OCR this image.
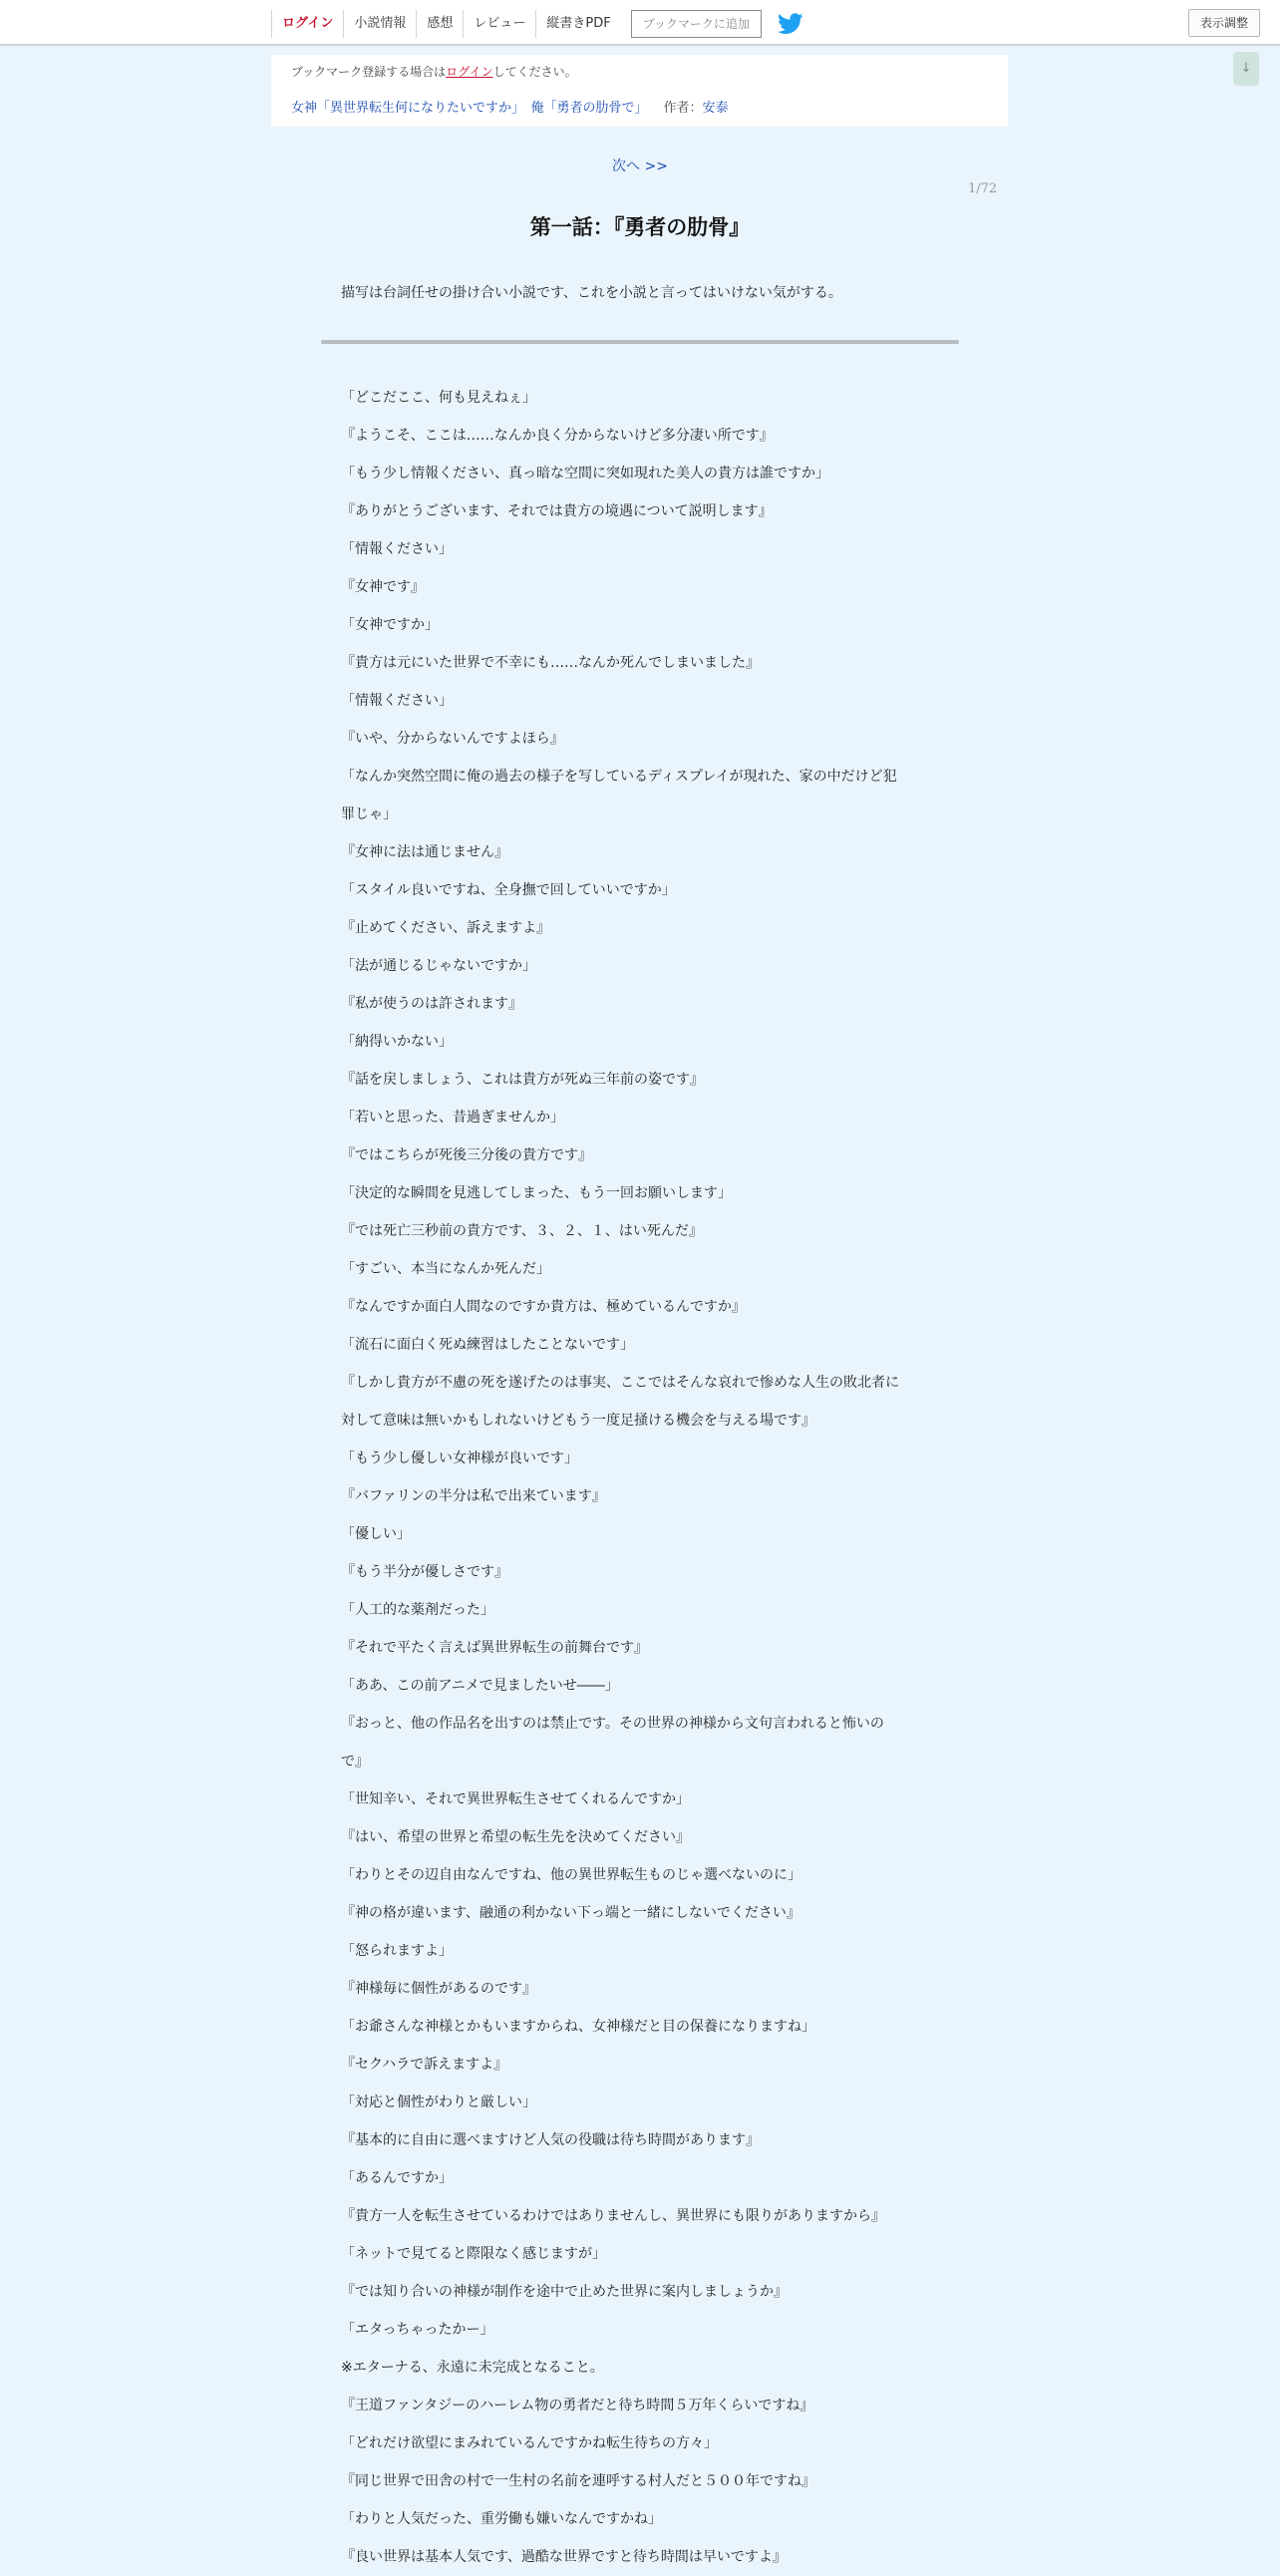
ログイン	小説情報	感想	レビュー	縦書きPDF	ブックマークに追加	表示調整
↓
ブックマーク登録する場合はログインしてください。
女神「異世界転生何になりたいですか」　俺「勇者の肋骨で」 作者：安泰
次へ >>
1/72
第一話：『勇者の肋骨』
描写は台詞任せの掛け合い小説です、これを小説と言ってはいけない気がする。
「どこだここ、何も見えねぇ」
『ようこそ、ここは……なんか良く分からないけど多分凄い所です』
「もう少し情報ください、真っ暗な空間に突如現れた美人の貴方は誰ですか」
『ありがとうございます、それでは貴方の境遇について説明します』
「情報ください」
『女神です』
「女神ですか」
『貴方は元にいた世界で不幸にも……なんか死んでしまいました』
「情報ください」
『いや、分からないんですよほら』
「なんか突然空間に俺の過去の様子を写しているディスプレイが現れた、家の中だけど犯
罪じゃ」
『女神に法は通じません』
「スタイル良いですね、全身撫で回していいですか」
『止めてください、訴えますよ』
「法が通じるじゃないですか」
『私が使うのは許されます』
「納得いかない」
『話を戻しましょう、これは貴方が死ぬ三年前の姿です』
「若いと思った、昔過ぎませんか」
『ではこちらが死後三分後の貴方です』
「決定的な瞬間を見逃してしまった、もう一回お願いします」
『では死亡三秒前の貴方です、３、２、１、はい死んだ』
「すごい、本当になんか死んだ」
『なんですか面白人間なのですか貴方は、極めているんですか』
「流石に面白く死ぬ練習はしたことないです」
『しかし貴方が不慮の死を遂げたのは事実、ここではそんな哀れで惨めな人生の敗北者に
対して意味は無いかもしれないけどもう一度足掻ける機会を与える場です』
「もう少し優しい女神様が良いです」
『バファリンの半分は私で出来ています』
「優しい」
『もう半分が優しさです』
「人工的な薬剤だった」
『それで平たく言えば異世界転生の前舞台です』
「ああ、この前アニメで見ましたいせ――」
『おっと、他の作品名を出すのは禁止です。その世界の神様から文句言われると怖いの
で』
「世知辛い、それで異世界転生させてくれるんですか」
『はい、希望の世界と希望の転生先を決めてください』
「わりとその辺自由なんですね、他の異世界転生ものじゃ選べないのに」
『神の格が違います、融通の利かない下っ端と一緒にしないでください』
「怒られますよ」
『神様毎に個性があるのです』
「お爺さんな神様とかもいますからね、女神様だと目の保養になりますね」
『セクハラで訴えますよ』
「対応と個性がわりと厳しい」
『基本的に自由に選べますけど人気の役職は待ち時間があります』
「あるんですか」
『貴方一人を転生させているわけではありませんし、異世界にも限りがありますから』
「ネットで見てると際限なく感じますが」
『では知り合いの神様が制作を途中で止めた世界に案内しましょうか』
「エタっちゃったかー」
※エターナる、永遠に未完成となること。
『王道ファンタジーのハーレム物の勇者だと待ち時間５万年くらいですね』
「どれだけ欲望にまみれているんですかね転生待ちの方々」
『同じ世界で田舎の村で一生村の名前を連呼する村人だと５００年ですね』
「わりと人気だった、重労働も嫌いなんですかね」
『良い世界は基本人気です、過酷な世界ですと待ち時間は早いですよ』
